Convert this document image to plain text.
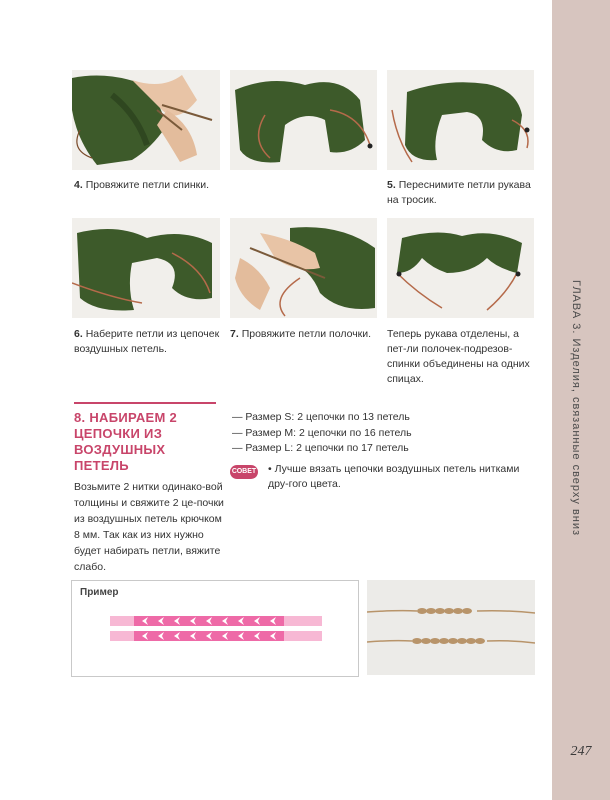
ГЛАВА 3. Изделия, связанные сверху вниз
247
4. Провяжите петли спинки.	5. Переснимите петли рукава на тросик.
6. Наберите петли из цепочек воздушных петель.
7. Провяжите петли полочки.	Теперь рукава отделены, а пет-ли полочек-подрезов-спинки объединены на одних спицах.
8. НАБИРАЕМ 2 ЦЕПОЧКИ ИЗ ВОЗДУШНЫХ ПЕТЕЛЬ
Возьмите 2 нитки одинако-вой толщины и свяжите 2 це-почки из воздушных петель крючком 8 мм. Так как из них нужно будет набирать петли, вяжите слабо.
— Размер S: 2 цепочки по 13 петель
— Размер M: 2 цепочки по 16 петель
— Размер L: 2 цепочки по 17 петель
СОВЕТ • Лучше вязать цепочки воздушных петель нитками дру-гого цвета.
Пример
